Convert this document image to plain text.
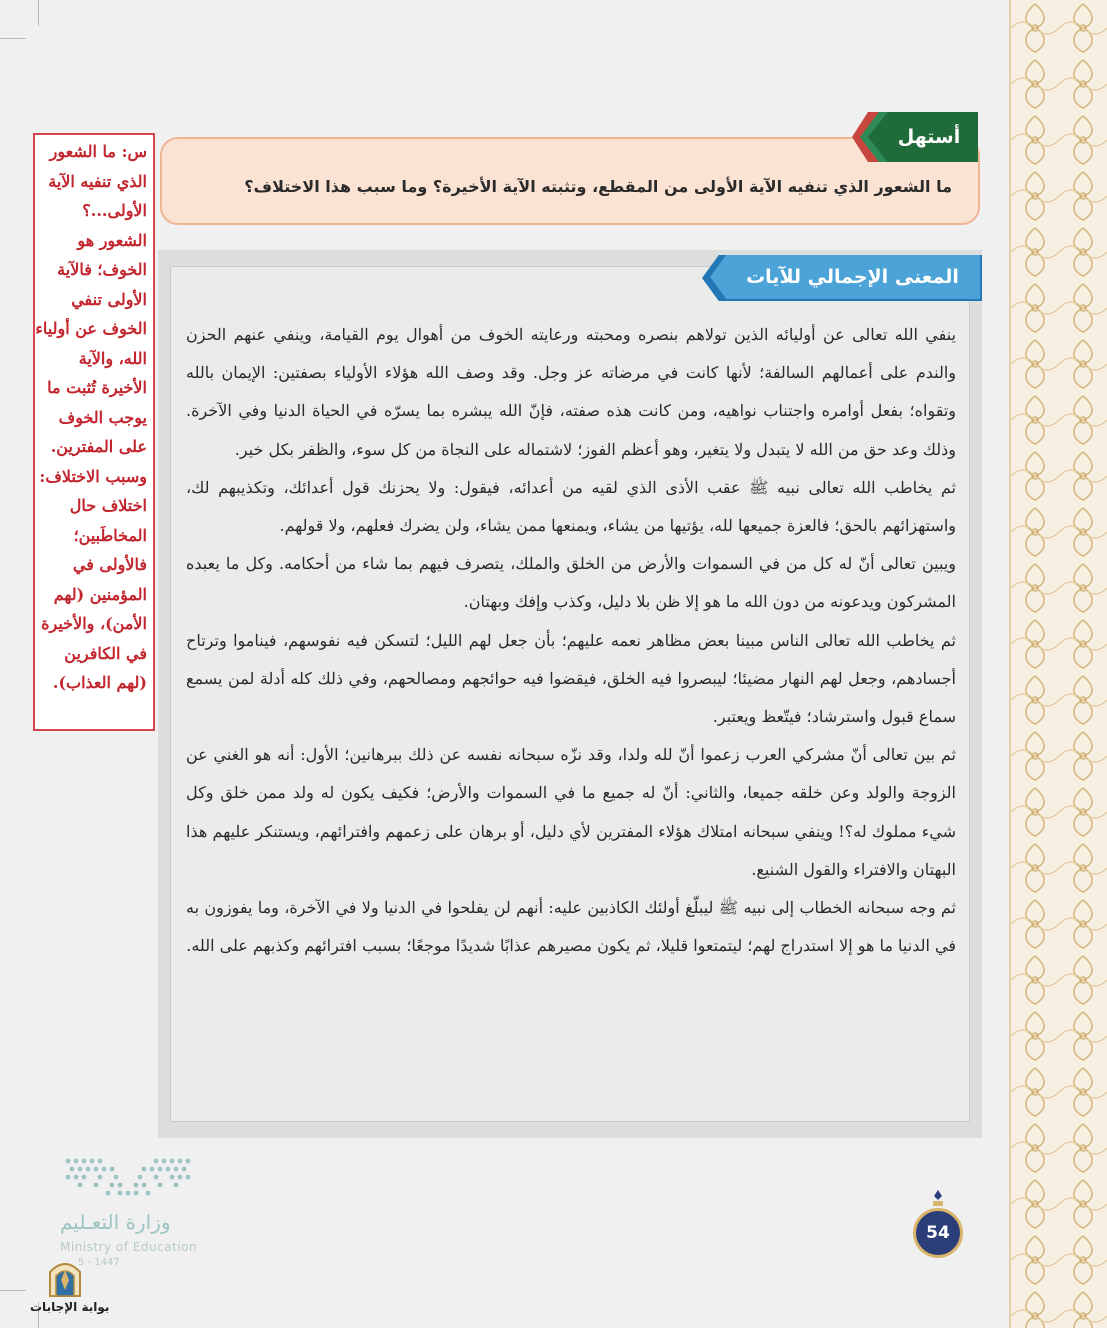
س: ما الشعور الذي تنفيه الآية الأولى...؟ الشعور هو الخوف؛ فالآية الأولى تنفي الخوف عن أولياء الله، والآية الأخيرة تُثبت ما يوجب الخوف على المفترين. وسبب الاختلاف: اختلاف حال المخاطَبين؛ فالأولى في المؤمنين (لهم الأمن)، والأخيرة في الكافرين (لهم العذاب).
ما الشعور الذي تنفيه الآية الأولى من المقطع، وتثبته الآية الأخيرة؟ وما سبب هذا الاختلاف؟
أستهل
المعنى الإجمالي للآيات

ينفي الله تعالى عن أوليائه الذين تولاهم بنصره ومحبته ورعايته الخوف من أهوال يوم القيامة، وينفي عنهم الحزن والندم على أعمالهم السالفة؛ لأنها كانت في مرضاته عز وجل. وقد وصف الله هؤلاء الأولياء بصفتين: الإيمان بالله وتقواه؛ بفعل أوامره واجتناب نواهيه، ومن كانت هذه صفته، فإنّ الله يبشره بما يسرّه في الحياة الدنيا وفي الآخرة. وذلك وعد حق من الله لا يتبدل ولا يتغير، وهو أعظم الفوز؛ لاشتماله على النجاة من كل سوء، والظفر بكل خير.

ثم يخاطب الله تعالى نبيه ﷺ عقب الأذى الذي لقيه من أعدائه، فيقول: ولا يحزنك قول أعدائك، وتكذيبهم لك، واستهزائهم بالحق؛ فالعزة جميعها لله، يؤتيها من يشاء، ويمنعها ممن يشاء، ولن يضرك فعلهم، ولا قولهم.

ويبين تعالى أنّ له كل من في السموات والأرض من الخلق والملك، يتصرف فيهم بما شاء من أحكامه. وكل ما يعبده المشركون ويدعونه من دون الله ما هو إلا ظن بلا دليل، وكذب وإفك وبهتان.

ثم يخاطب الله تعالى الناس مبينا بعض مظاهر نعمه عليهم؛ بأن جعل لهم الليل؛ لتسكن فيه نفوسهم، فيناموا وترتاح أجسادهم، وجعل لهم النهار مضيئا؛ ليبصروا فيه الخلق، فيقضوا فيه حوائجهم ومصالحهم، وفي ذلك كله أدلة لمن يسمع سماع قبول واسترشاد؛ فيتّعظ ويعتبر.

ثم بين تعالى أنّ مشركي العرب زعموا أنّ لله ولدا، وقد نزّه سبحانه نفسه عن ذلك ببرهانين؛ الأول: أنه هو الغني عن الزوجة والولد وعن خلقه جميعا، والثاني: أنّ له جميع ما في السموات والأرض؛ فكيف يكون له ولد ممن خلق وكل شيء مملوك له؟! وينفي سبحانه امتلاك هؤلاء المفترين لأي دليل، أو برهان على زعمهم وافترائهم، ويستنكر عليهم هذا البهتان والافتراء والقول الشنيع.

ثم وجه سبحانه الخطاب إلى نبيه ﷺ ليبلّغ أولئك الكاذبين عليه: أنهم لن يفلحوا في الدنيا ولا في الآخرة، وما يفوزون به في الدنيا ما هو إلا استدراج لهم؛ ليتمتعوا قليلا، ثم يكون مصيرهم عذابًا شديدًا موجعًا؛ بسبب افترائهم وكذبهم على الله.

54
وزارة التعـليم
Ministry of Education
5 - 1447
بوابة الإجابات
